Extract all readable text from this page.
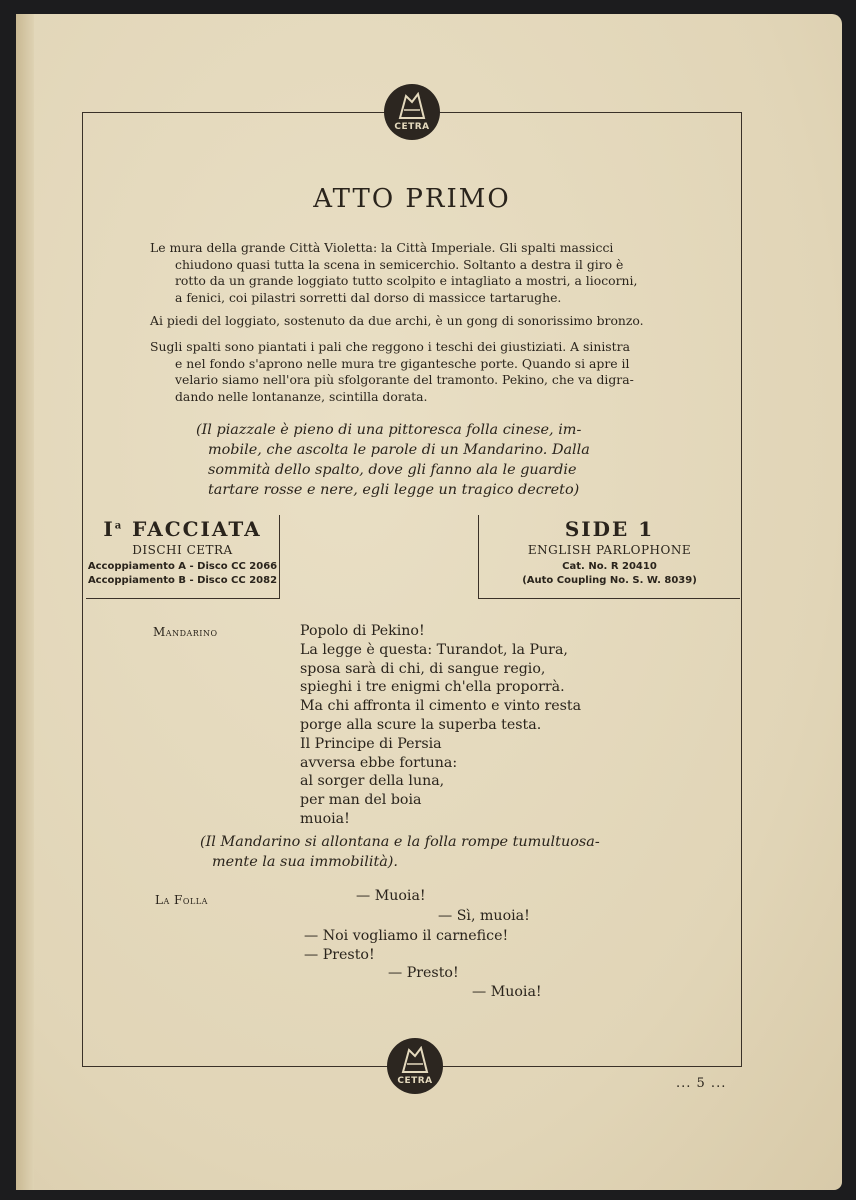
CETRA
ATTO PRIMO

Le mura della grande Città Violetta: la Città Imperiale. Gli spalti massicci
chiudono quasi tutta la scena in semicerchio. Soltanto a destra il giro è
rotto da un grande loggiato tutto scolpito e intagliato a mostri, a liocorni,
a fenici, coi pilastri sorretti dal dorso di massicce tartarughe.

Ai piedi del loggiato, sostenuto da due archi, è un gong di sonorissimo bronzo.

Sugli spalti sono piantati i pali che reggono i teschi dei giustiziati. A sinistra
e nel fondo s'aprono nelle mura tre gigantesche porte. Quando si apre il
velario siamo nell'ora più sfolgorante del tramonto. Pekino, che va digra-
dando nelle lontananze, scintilla dorata.

(Il piazzale è pieno di una pittoresca folla cinese, im-
mobile, che ascolta le parole di un Mandarino. Dalla
sommità dello spalto, dove gli fanno ala le guardie
tartare rosse e nere, egli legge un tragico decreto)

$I^a$ FACCIATA
DISCHI CETRA
Accoppiamento A - Disco CC 2066
Accoppiamento B - Disco CC 2082
SIDE 1
ENGLISH PARLOPHONE
Cat. No. R 20410
(Auto Coupling No. S. W. 8039)
Mandarino	Popolo di Pekino!
La legge è questa: Turandot, la Pura,
sposa sarà di chi, di sangue regio,
spieghi i tre enigmi ch'ella proporrà.
Ma chi affronta il cimento e vinto resta
porge alla scure la superba testa.
Il Principe di Persia
avversa ebbe fortuna:
al sorger della luna,
per man del boia
muoia!

(Il Mandarino si allontana e la folla rompe tumultuosa-
mente la sua immobilità).

La Folla	— Muoia!
— Sì, muoia!
— Noi vogliamo il carnefice!
— Presto!
— Presto!
— Muoia!
CETRA	... 5 ...
